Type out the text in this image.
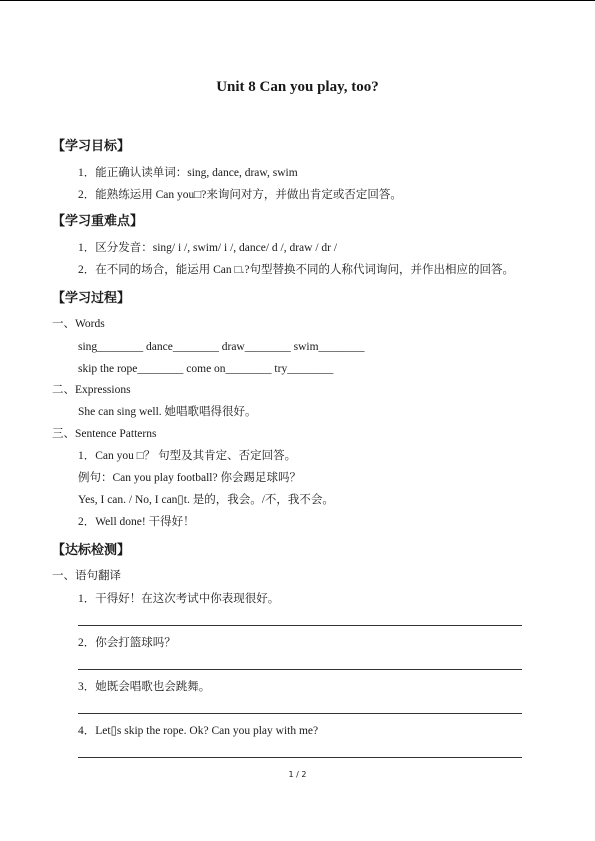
Unit 8 Can you play, too?
【学习目标】
1．能正确认读单词：sing, dance, draw, swim
2．能熟练运用 Can you□?来询问对方，并做出肯定或否定回答。
【学习重难点】
1．区分发音：sing/ i /, swim/ i /, dance/ d /, draw / dr /
2．在不同的场合，能运用 Can □.?句型替换不同的人称代词询问，并作出相应的回答。
【学习过程】
一、Words
sing________ dance________ draw________ swim________
skip the rope________ come on________ try________
二、Expressions
She can sing well. 她唱歌唱得很好。
三、Sentence Patterns
1．Can you □？ 句型及其肯定、否定回答。
例句：Can you play football? 你会踢足球吗？
Yes, I can. / No, I can▯t. 是的，我会。/不，我不会。
2．Well done! 干得好！
【达标检测】
一、语句翻译
1．干得好！在这次考试中你表现很好。
2．你会打篮球吗？
3．她既会唱歌也会跳舞。
4．Let▯s skip the rope. Ok? Can you play with me?
1 / 2
